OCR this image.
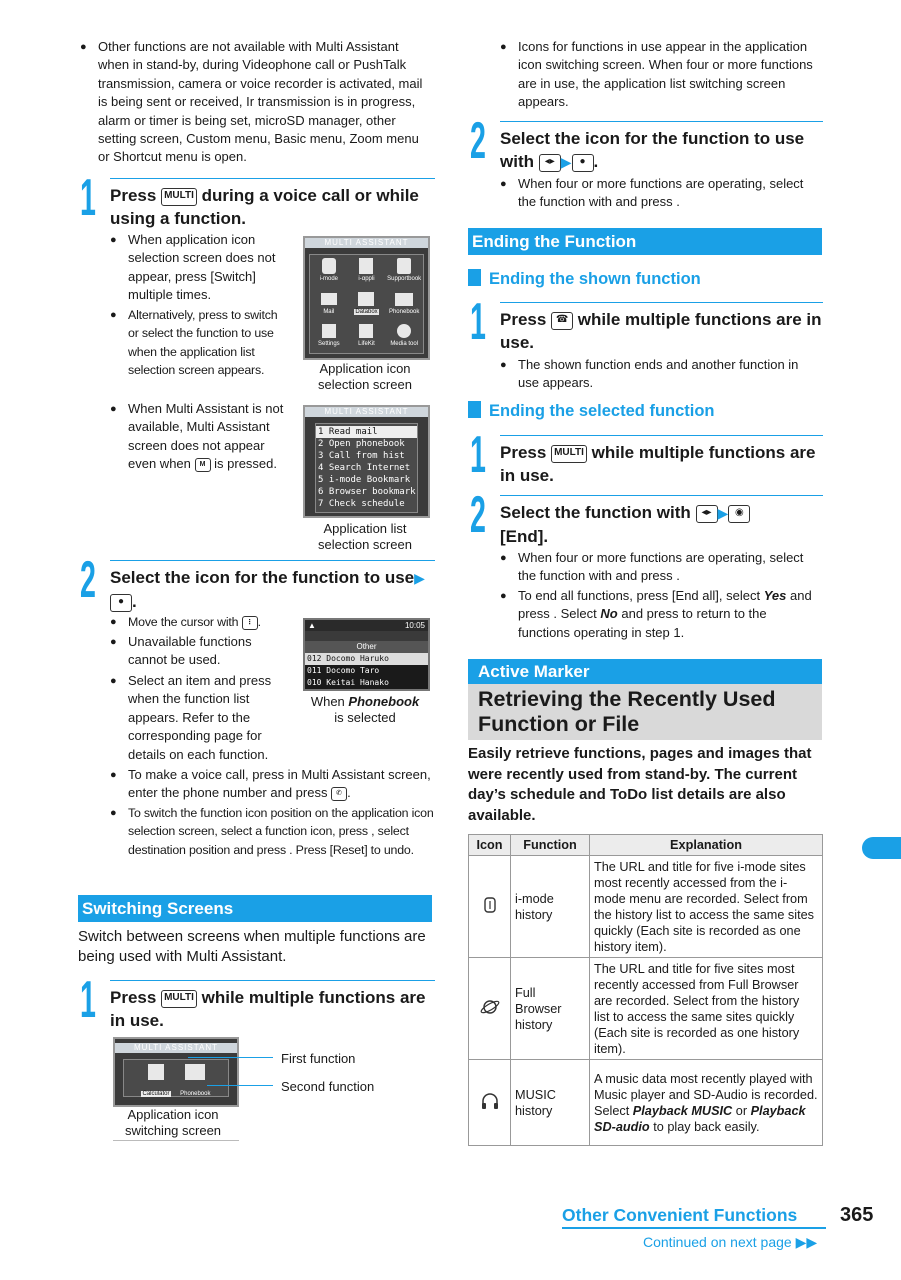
● Other functions are not available with Multi Assistant when in stand-by, during Videophone call or PushTalk transmission, camera or voice recorder is activated, mail is being sent or received, Ir transmission is in progress, alarm or timer is being set, microSD manager, other setting screen, Custom menu, Basic menu, Zoom menu or Shortcut menu is open.
1 Press MULTI during a voice call or while using a function.
● When application icon selection screen does not appear, press [Switch] multiple times.
● Alternatively, press to switch or select the function to use when the application list selection screen appears.
● When Multi Assistant is not available, Multi Assistant screen does not appear even when M is pressed.
MULTI ASSISTANT
i-mode	i-αppli	Supportbook
Mail	Databox	Phonebook
Settings	LifeKit	Media tool
Application icon
selection screen
MULTI ASSISTANT
1 Read mail
2 Open phonebook
3 Call from hist
4 Search Internet
5 i-mode Bookmark
6 Browser bookmark
7 Check schedule
Application list
selection screen
2 Select the icon for the function to use▶● .
● Move the cursor with ⋮ .
● Unavailable functions cannot be used.
● Select an item and press when the function list appears. Refer to the corresponding page for details on each function.
● To make a voice call, press in Multi Assistant screen, enter the phone number and press ✆ .
● To switch the function icon position on the application icon selection screen, select a function icon, press , select destination position and press . Press [Reset] to undo.
▲	10:05
Other
012 Docomo Haruko
011 Docomo Taro
010 Keitai Hanako
When Phonebook
is selected
Switching Screens
Switch between screens when multiple functions are being used with Multi Assistant.
1 Press MULTI while multiple functions are in use.
MULTI ASSISTANT
Calculator Phonebook
First function
Second function
Application icon
switching screen
● Icons for functions in use appear in the application icon switching screen. When four or more functions are in use, the application list switching screen appears.
2 Select the icon for the function to use with ◂▸ ▶ ● .
● When four or more functions are operating, select the function with and press .
Ending the Function
Ending the shown function
1 Press ☎ while multiple functions are in use.
● The shown function ends and another function in use appears.
Ending the selected function
1 Press MULTI while multiple functions are in use.
2 Select the function with ◂▸ ▶ ◉
[End].
● When four or more functions are operating, select the function with and press .
● To end all functions, press [End all], select Yes and press . Select No and press to return to the functions operating in step 1.
Active Marker
Retrieving the Recently Used Function or File
Easily retrieve functions, pages and images that were recently used from stand-by. The current day’s schedule and ToDo list details are also available.
Icon	Function	Explanation
	i-mode history	The URL and title for five i-mode sites most recently accessed from the i-mode menu are recorded. Select from the history list to access the same sites quickly (Each site is recorded as one history item).
	Full Browser history	The URL and title for five sites most recently accessed from Full Browser are recorded. Select from the history list to access the same sites quickly (Each site is recorded as one history item).
	MUSIC history	A music data most recently played with Music player and SD-Audio is recorded. Select Playback MUSIC or Playback SD-audio to play back easily.
Other Convenient Functions 365
Continued on next page ▶▶
